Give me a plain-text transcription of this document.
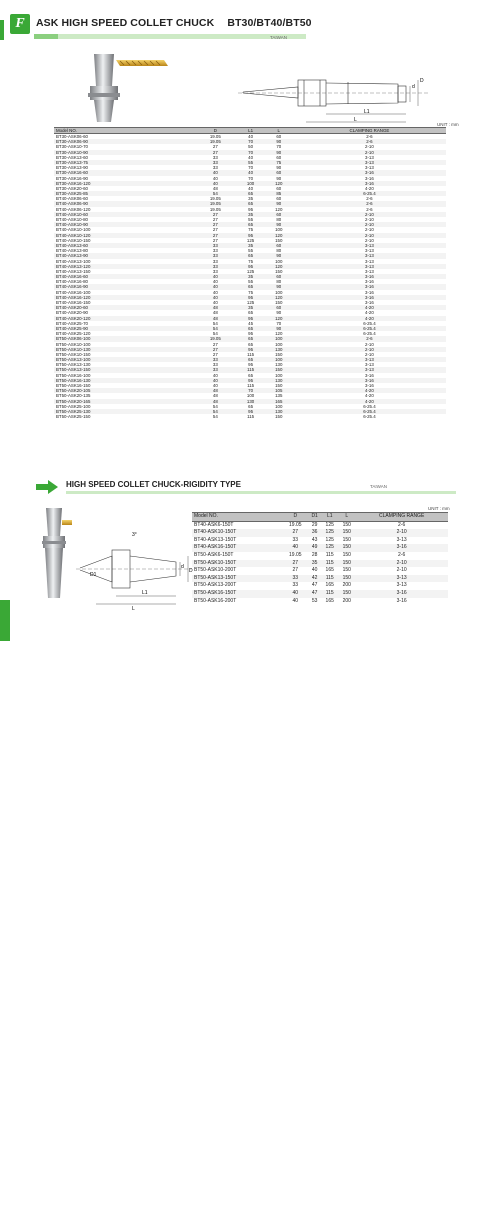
F ASK HIGH SPEED COLLET CHUCK BT30/BT40/BT50
TAIWAN
d
D
L1
L
UNIT : mm
Model NO.	D	L1	L	CLAMPING RANGE
BT30-ASK06-60	19.05	40	60	2-6
BT30-ASK06-90	19.05	70	90	2-6
BT30-ASK10-70	27	50	70	2-10
BT30-ASK10-90	27	70	90	2-10
BT30-ASK13-60	33	40	60	3-13
BT30-ASK13-75	33	55	75	3-13
BT30-ASK13-90	33	70	90	3-13
BT30-ASK16-60	40	40	60	3-16
BT30-ASK16-90	40	70	90	3-16
BT30-ASK16-120	40	100	120	3-16
BT30-ASK20-60	48	40	60	4-20
BT30-ASK25-85	54	65	85	6-25.4
BT40-ASK06-60	19.05	35	60	2-6
BT40-ASK06-90	19.05	65	90	2-6
BT40-ASK06-120	19.05	95	120	2-6
BT40-ASK10-60	27	35	60	2-10
BT40-ASK10-80	27	55	80	2-10
BT40-ASK10-90	27	65	90	2-10
BT40-ASK10-100	27	75	100	2-10
BT40-ASK10-120	27	95	120	2-10
BT40-ASK10-150	27	125	150	2-10
BT40-ASK13-60	33	35	60	3-13
BT40-ASK13-80	33	55	80	3-13
BT40-ASK13-90	33	65	90	3-13
BT40-ASK13-100	33	75	100	3-13
BT40-ASK13-120	33	95	120	3-13
BT40-ASK13-150	33	125	150	3-13
BT40-ASK16-60	40	35	60	3-16
BT40-ASK16-80	40	55	80	3-16
BT40-ASK16-90	40	65	90	3-16
BT40-ASK16-100	40	75	100	3-16
BT40-ASK16-120	40	95	120	3-16
BT40-ASK16-150	40	125	150	3-16
BT40-ASK20-60	48	35	60	4-20
BT40-ASK20-90	48	65	90	4-20
BT40-ASK20-120	48	95	120	4-20
BT40-ASK25-70	54	45	70	6-25.4
BT40-ASK25-90	54	65	90	6-25.4
BT40-ASK25-120	54	95	120	6-25.4
BT50-ASK06-100	19.05	65	100	2-6
BT50-ASK10-100	27	65	100	2-10
BT50-ASK10-130	27	95	130	2-10
BT50-ASK10-150	27	115	150	2-10
BT50-ASK13-100	33	65	100	3-13
BT50-ASK13-130	33	95	130	3-13
BT50-ASK13-150	33	115	150	3-13
BT50-ASK16-100	40	65	100	3-16
BT50-ASK16-130	40	95	130	3-16
BT50-ASK16-150	40	115	150	3-16
BT50-ASK20-105	48	70	105	4-20
BT50-ASK20-135	48	100	135	4-20
BT50-ASK20-165	48	130	165	4-20
BT50-ASK25-100	54	65	100	6-25.4
BT50-ASK25-130	54	95	130	6-25.4
BT50-ASK25-150	54	115	150	6-25.4
HIGH SPEED COLLET CHUCK-RIGIDITY TYPE	TAIWAN
3°
D1
d
D
L1
L
UNIT : mm
Model NO.	D	D1	L1	L	CLAMPING RANGE
BT40-ASK6-150T	19.05	29	125	150	2-6
BT40-ASK10-150T	27	36	125	150	2-10
BT40-ASK13-150T	33	43	125	150	3-13
BT40-ASK16-150T	40	49	125	150	3-16
BT50-ASK6-150T	19.05	28	115	150	2-6
BT50-ASK10-150T	27	35	115	150	2-10
BT50-ASK10-200T	27	40	165	150	2-10
BT50-ASK13-150T	33	42	115	150	3-13
BT50-ASK13-200T	33	47	165	200	3-13
BT50-ASK16-150T	40	47	115	150	3-16
BT50-ASK16-200T	40	53	165	200	3-16
F-123
